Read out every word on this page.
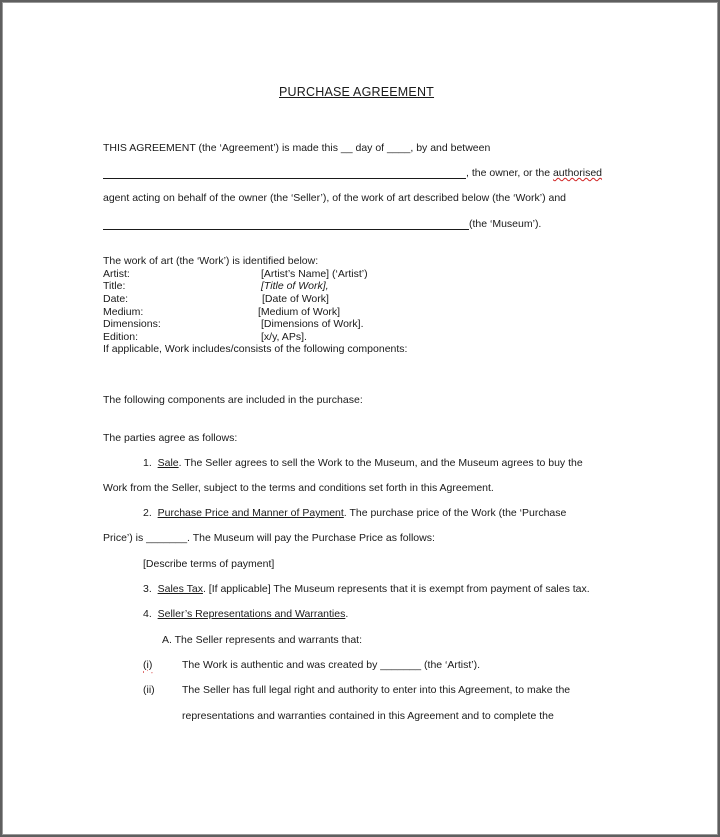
PURCHASE AGREEMENT
THIS AGREEMENT (the ‘Agreement’) is made this __ day of ____, by and between
, the owner, or the authorised
agent acting on behalf of the owner (the ‘Seller’), of the work of art described below (the ‘Work’) and
(the ‘Museum’).
The work of art (the ‘Work’) is identified below:
Artist:	[Artist’s Name] (‘Artist’)
Title:	[Title of Work],
Date:	[Date of Work]
Medium:	[Medium of Work]
Dimensions:	[Dimensions of Work].
Edition:	[x/y, APs].
If applicable, Work includes/consists of the following components:
The following components are included in the purchase:
The parties agree as follows:
1. Sale. The Seller agrees to sell the Work to the Museum, and the Museum agrees to buy the
Work from the Seller, subject to the terms and conditions set forth in this Agreement.
2. Purchase Price and Manner of Payment. The purchase price of the Work (the ‘Purchase
Price’) is _______. The Museum will pay the Purchase Price as follows:
[Describe terms of payment]
3. Sales Tax. [If applicable] The Museum represents that it is exempt from payment of sales tax.
4. Seller’s Representations and Warranties.
A. The Seller represents and warrants that:
(i)	The Work is authentic and was created by _______ (the ‘Artist’).
(ii)	The Seller has full legal right and authority to enter into this Agreement, to make the
representations and warranties contained in this Agreement and to complete the
